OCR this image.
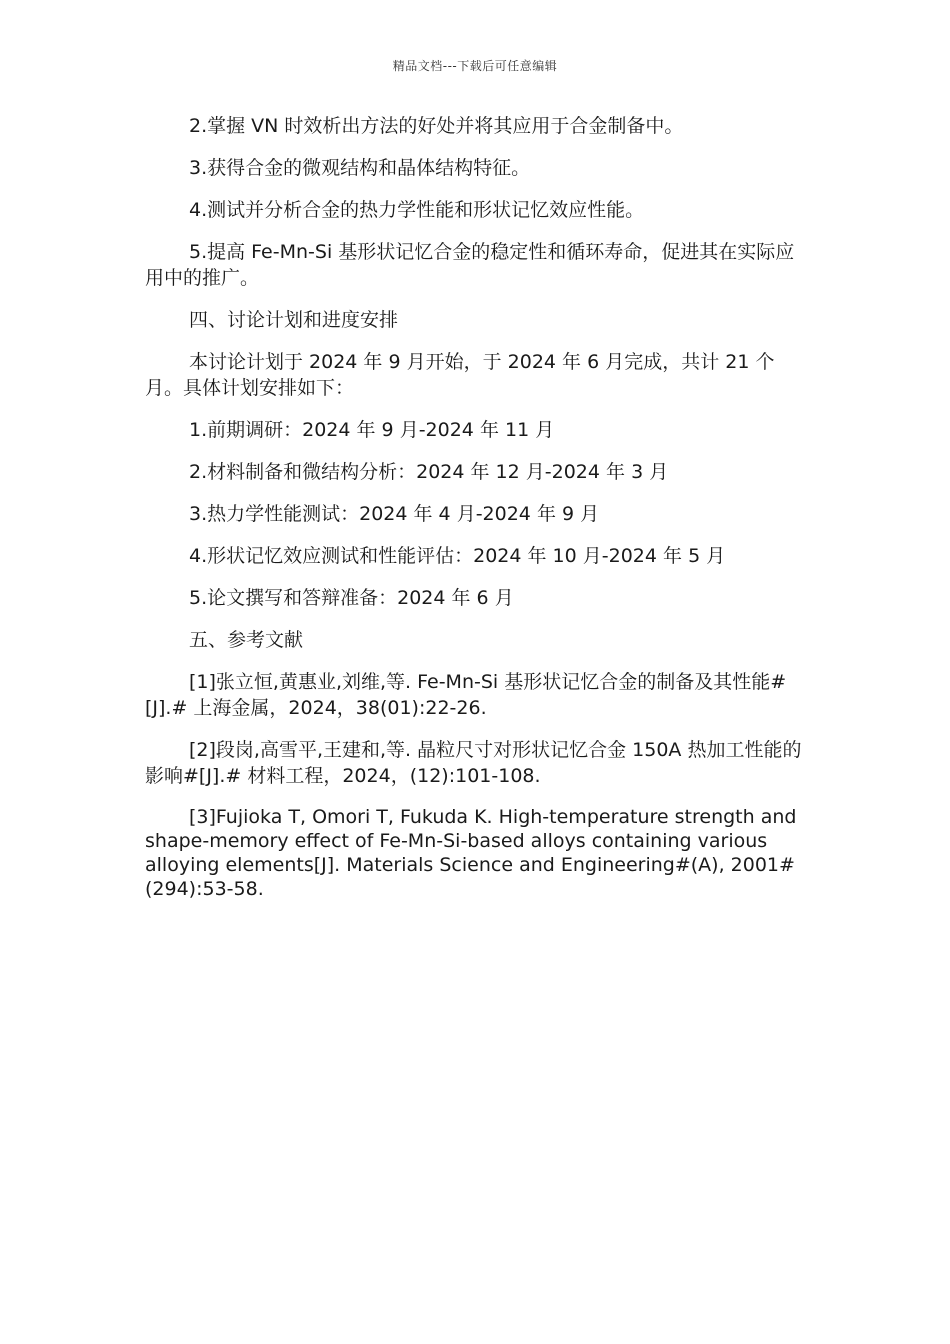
精品文档---下载后可任意编辑

2.掌握 VN 时效析出方法的好处并将其应用于合金制备中。

3.获得合金的微观结构和晶体结构特征。

4.测试并分析合金的热力学性能和形状记忆效应性能。

5.提高 Fe-Mn-Si 基形状记忆合金的稳定性和循环寿命，促进其在实际应用中的推广。

四、讨论计划和进度安排

本讨论计划于 2024 年 9 月开始，于 2024 年 6 月完成，共计 21 个月。具体计划安排如下：

1.前期调研：2024 年 9 月-2024 年 11 月

2.材料制备和微结构分析：2024 年 12 月-2024 年 3 月

3.热力学性能测试：2024 年 4 月-2024 年 9 月

4.形状记忆效应测试和性能评估：2024 年 10 月-2024 年 5 月

5.论文撰写和答辩准备：2024 年 6 月

五、参考文献

[1]张立恒,黄惠业,刘维,等. Fe-Mn-Si 基形状记忆合金的制备及其性能#[J].# 上海金属，2024，38(01):22-26.

[2]段岗,高雪平,王建和,等. 晶粒尺寸对形状记忆合金 150A 热加工性能的影响#[J].# 材料工程，2024，(12):101-108.

[3]Fujioka T, Omori T, Fukuda K. High-temperature strength and shape-memory effect of Fe-Mn-Si-based alloys containing various alloying elements[J]. Materials Science and Engineering#(A), 2001#(294):53-58.
